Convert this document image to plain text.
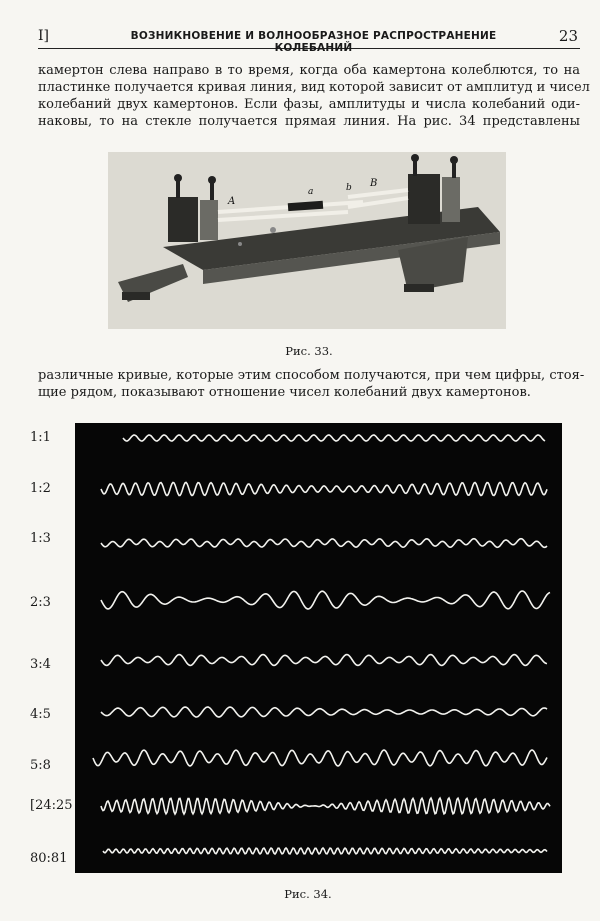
I]	ВОЗНИКНОВЕНИЕ И ВОЛНООБРАЗНОЕ РАСПРОСТРАНЕНИЕ КОЛЕБАНИЙ
23
камертон слева направо в то время, когда оба камертона колеблются, то на
пластинке получается кривая линия, вид которой зависит от амплитуд и чисел
колебаний двух камертонов. Если фазы, амплитуды и числа колебаний оди-
наковы, то на стекле получается прямая линия. На рис. 34 представлены
A
a	b B
Рис. 33.
различные кривые, которые этим способом получаются, при чем цифры, стоя-
щие рядом, показывают отношение чисел колебаний двух камертонов.
1:1
1:2
1:3
2:3
3:4
4:5
5:8
[24:25
80:81
Рис. 34.
